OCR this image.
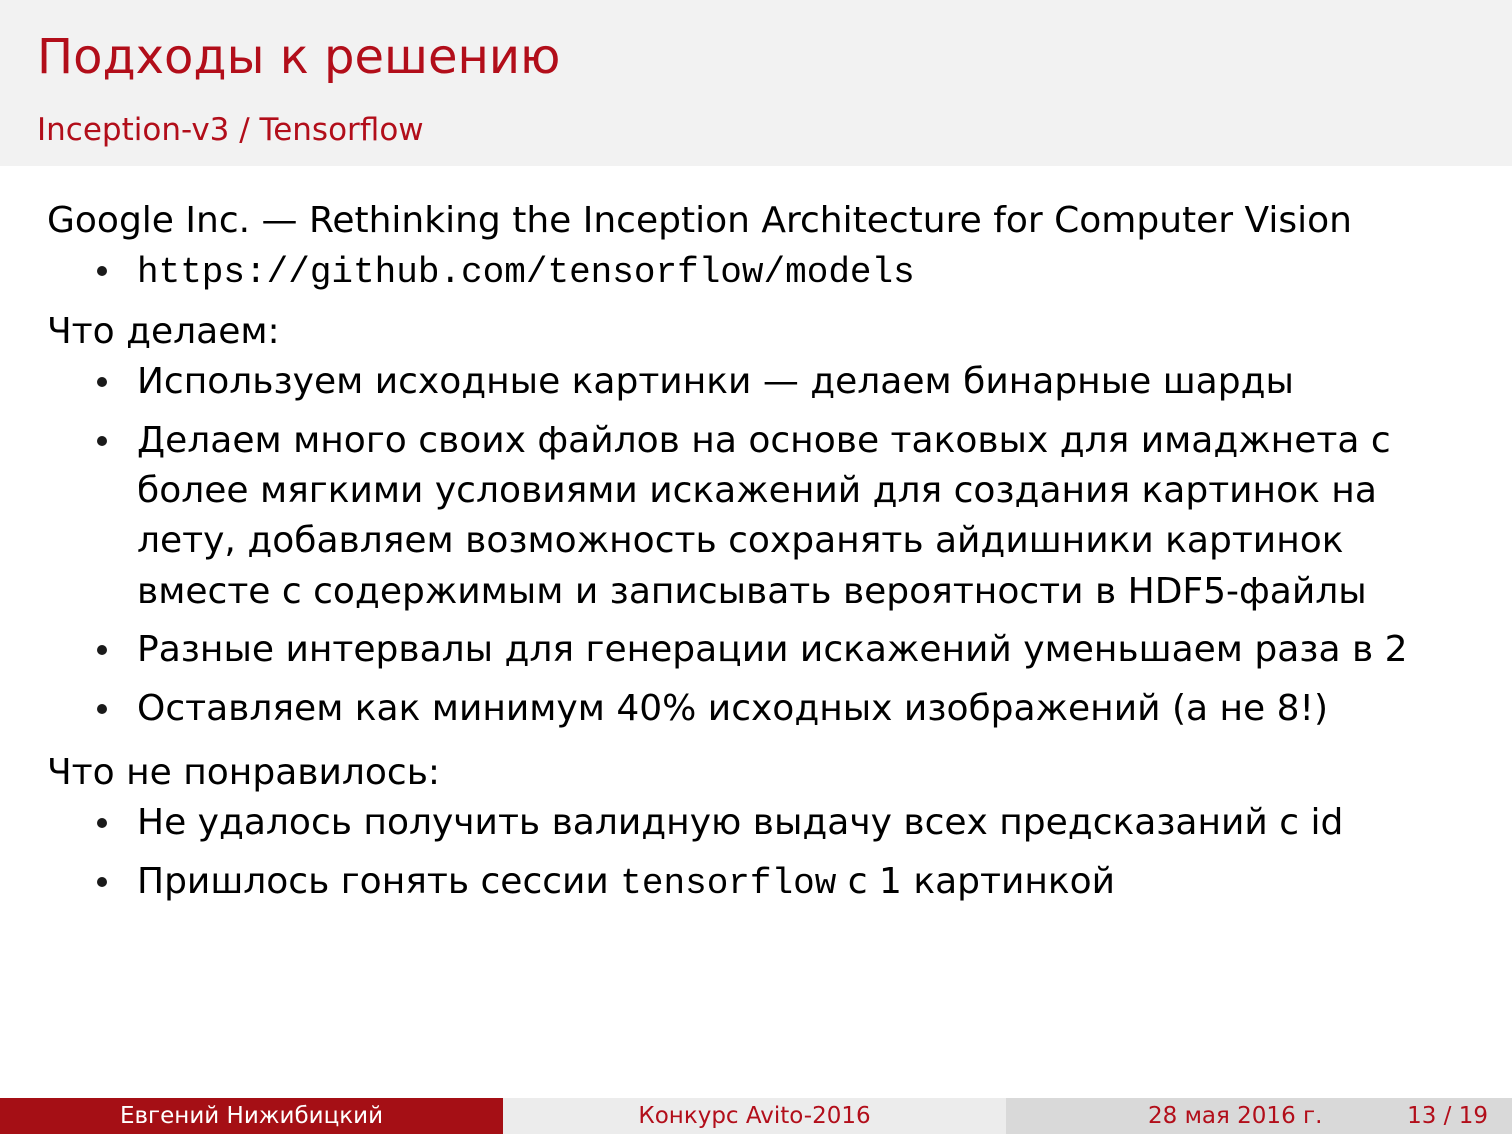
Подходы к решению
Inception-v3 / Tensorflow

Google Inc. — Rethinking the Inception Architecture for Computer Vision

https://github.com/tensorflow/models

Что делаем:

Используем исходные картинки — делаем бинарные шарды
Делаем много своих файлов на основе таковых для имаджнета с более мягкими условиями искажений для создания картинок на лету, добавляем возможность сохранять айдишники картинок вместе с содержимым и записывать вероятности в HDF5-файлы
Разные интервалы для генерации искажений уменьшаем раза в 2
Оставляем как минимум 40% исходных изображений (а не 8!)

Что не понравилось:

Не удалось получить валидную выдачу всех предсказаний с id
Пришлось гонять сессии tensorflow с 1 картинкой
Евгений Нижибицкий	Конкурс Avito-2016	28 мая 2016 г.	13 / 19
